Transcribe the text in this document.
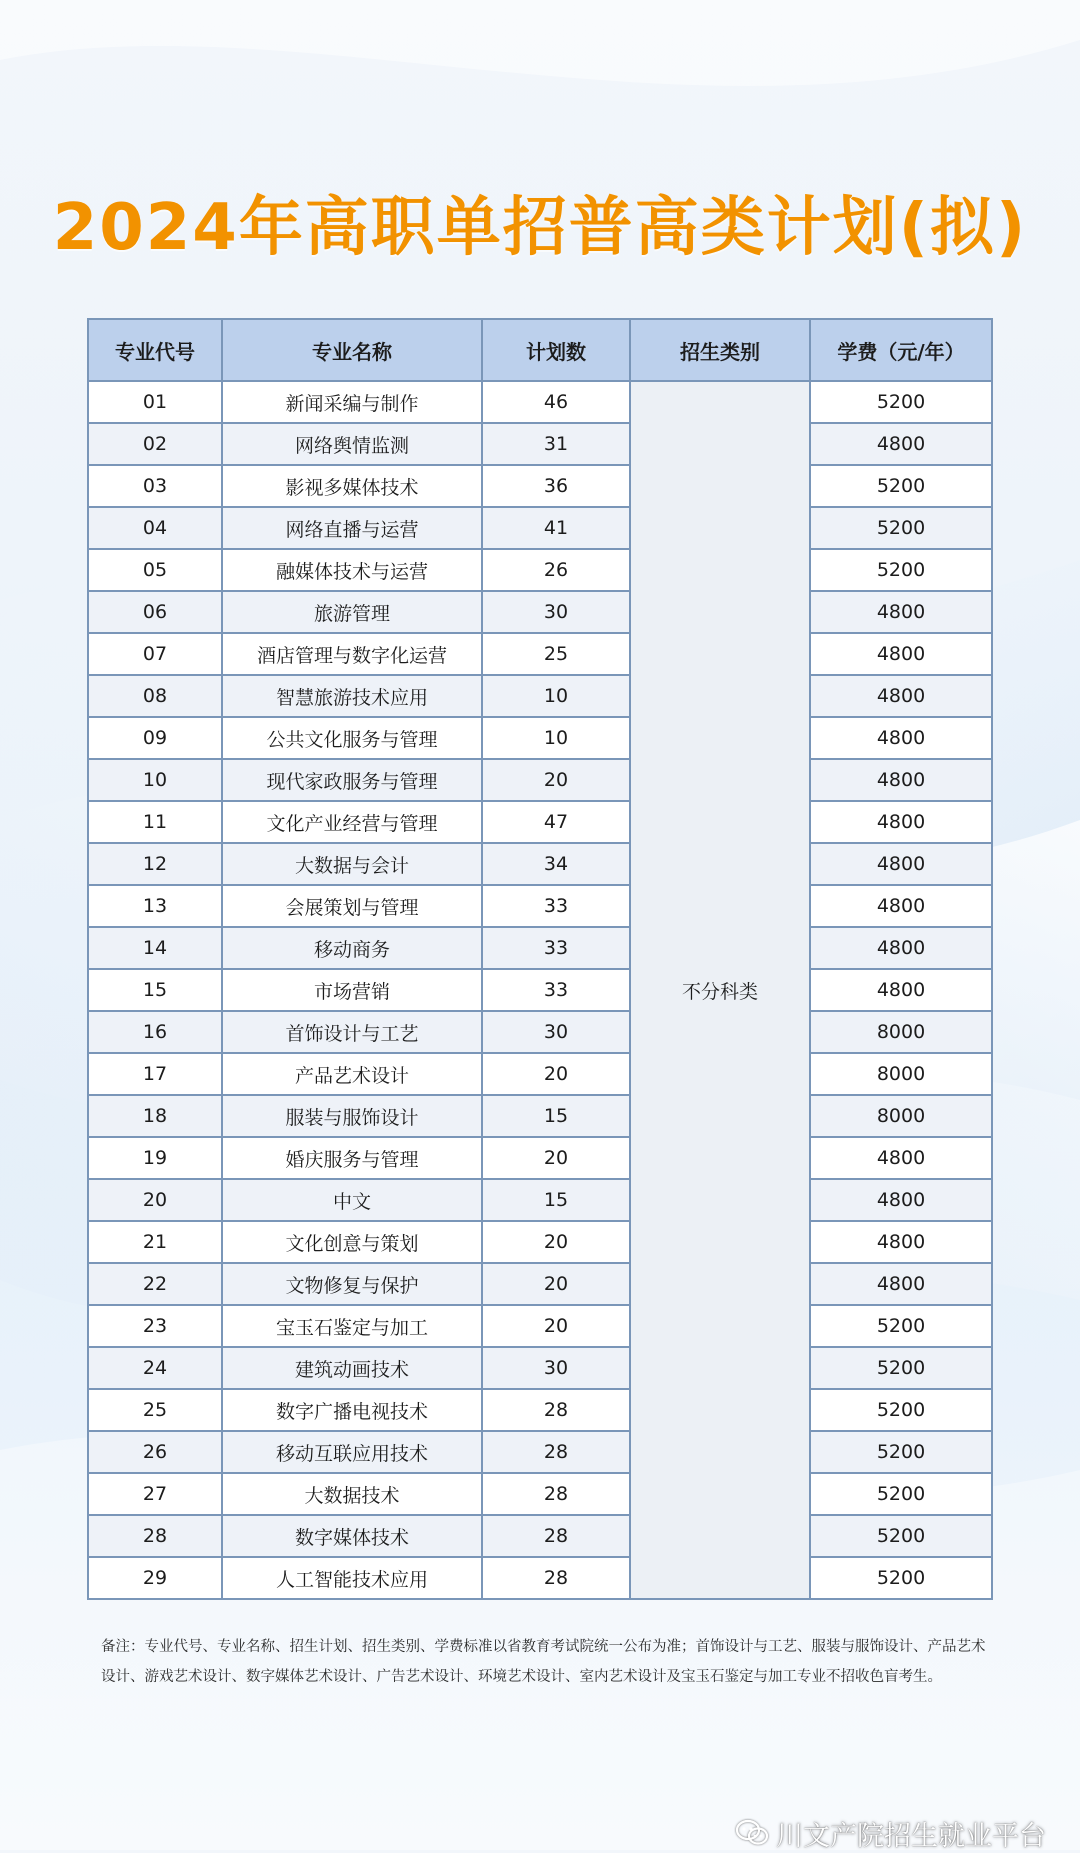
2024年高职单招普高类计划(拟)
专业代号	专业名称	计划数	招生类别	学费（元/年）
01	新闻采编与制作	46	不分科类	5200
02	网络舆情监测	31		4800
03	影视多媒体技术	36		5200
04	网络直播与运营	41		5200
05	融媒体技术与运营	26		5200
06	旅游管理	30		4800
07	酒店管理与数字化运营	25		4800
08	智慧旅游技术应用	10		4800
09	公共文化服务与管理	10		4800
10	现代家政服务与管理	20		4800
11	文化产业经营与管理	47		4800
12	大数据与会计	34		4800
13	会展策划与管理	33		4800
14	移动商务	33		4800
15	市场营销	33		4800
16	首饰设计与工艺	30		8000
17	产品艺术设计	20		8000
18	服装与服饰设计	15		8000
19	婚庆服务与管理	20		4800
20	中文	15		4800
21	文化创意与策划	20		4800
22	文物修复与保护	20		4800
23	宝玉石鉴定与加工	20		5200
24	建筑动画技术	30		5200
25	数字广播电视技术	28		5200
26	移动互联应用技术	28		5200
27	大数据技术	28		5200
28	数字媒体技术	28		5200
29	人工智能技术应用	28		5200
备注：专业代号、专业名称、招生计划、招生类别、学费标准以省教育考试院统一公布为准；首饰设计与工艺、服装与服饰设计、产品艺术设计、游戏艺术设计、数字媒体艺术设计、广告艺术设计、环境艺术设计、室内艺术设计及宝玉石鉴定与加工专业不招收色盲考生。
川文产院招生就业平台
